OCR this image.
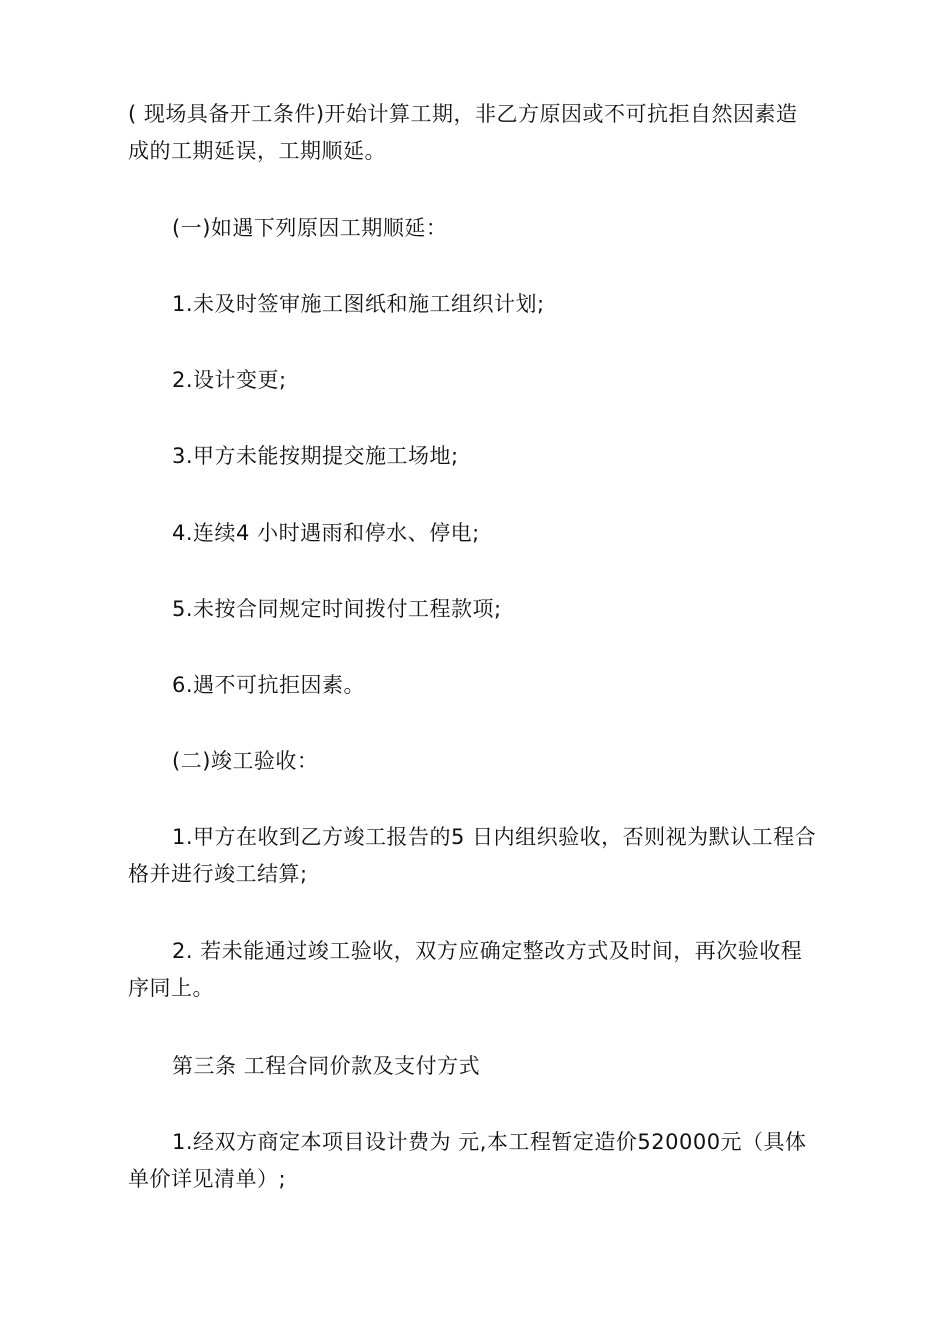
( 现场具备开工条件)开始计算工期，非乙方原因或不可抗拒自然因素造成的工期延误，工期顺延。

(一)如遇下列原因工期顺延：

1.未及时签审施工图纸和施工组织计划;

2.设计变更;

3.甲方未能按期提交施工场地;

4.连续4 小时遇雨和停水、停电;

5.未按合同规定时间拨付工程款项;

6.遇不可抗拒因素。

(二)竣工验收：

1.甲方在收到乙方竣工报告的5 日内组织验收，否则视为默认工程合格并进行竣工结算;

2. 若未能通过竣工验收，双方应确定整改方式及时间，再次验收程序同上。

第三条 工程合同价款及支付方式

1.经双方商定本项目设计费为 元,本工程暂定造价520000元（具体单价详见清单）;
